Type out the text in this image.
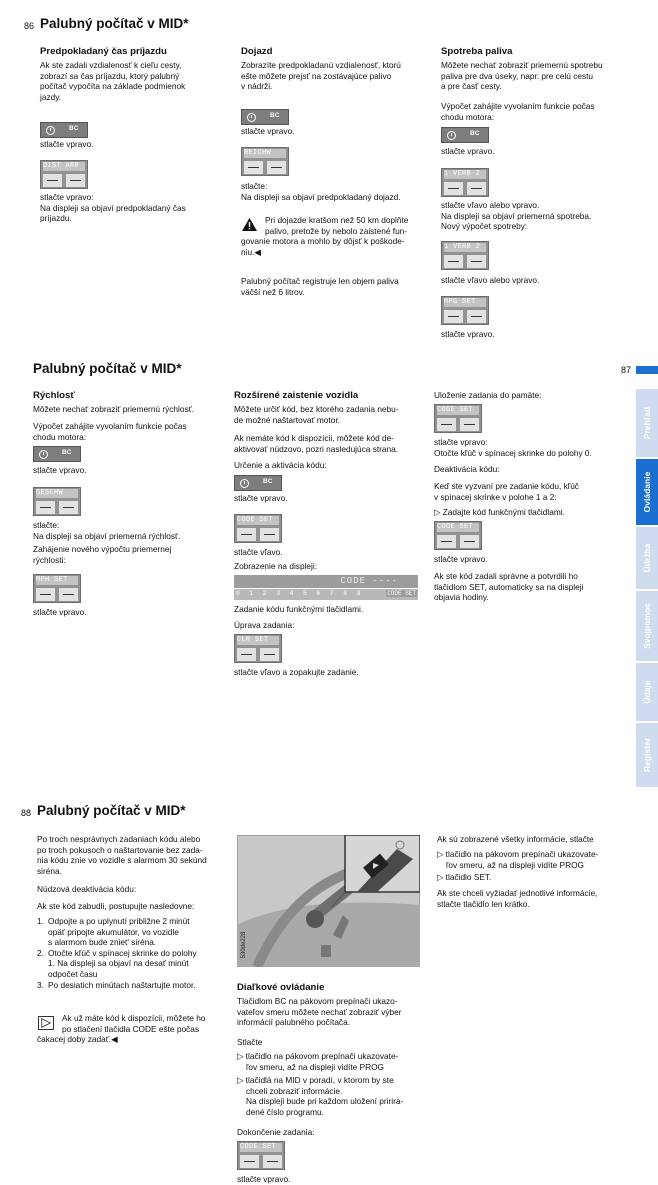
86 Palubný počítač v MID*
Predpokladaný čas príjazdu
Ak ste zadali vzdialenosť k cieľu cesty,
zobrazí sa čas príjazdu, ktorý palubný
počítač vypočíta na základe podmienok
jazdy.
BC
stlačte vpravo.
DIST ARR
stlačte vpravo:
Na displeji sa objaví predpokladaný čas
príjazdu.
Dojazd
Zobrazíte predpokladanú vzdialenosť, ktorú
ešte môžete prejsť na zostávajúce palivo
v nádrži.
BC
stlačte vpravo.
REICHW
stlačte:
Na displeji sa objaví predpokladaný dojazd.
Pri dojazde kratšom než 50 km doplňte
palivo, pretože by nebolo zaistené fun-
govanie motora a mohlo by dôjsť k poškode-
niu.◀
Palubný počítač registruje len objem paliva
väčší než 6 litrov.
Spotreba paliva
Môžete nechať zobraziť priemernú spotrebu
paliva pre dva úseky, napr. pre celú cestu
a pre časť cesty.
Výpočet zahájite vyvolaním funkcie počas
chodu motora:
BC
stlačte vpravo.
1 VERB 2
stlačte vľavo alebo vpravo.
Na displeji sa objaví priemerná spotreba.
Nový výpočet spotreby:
1 VERB 2
stlačte vľavo alebo vpravo.
MPG SET
stlačte vpravo.
Palubný počítač v MID*	87
Rýchlosť
Môžete nechať zobraziť priemernú rýchlosť.
Výpočet zahájite vyvolaním funkcie počas
chodu motora:
BC
stlačte vpravo.
GESCHW
stlačte:
Na displeji sa objaví priemerná rýchlosť.
Zahájenie nového výpočtu priemernej
rýchlosti:
MPH SET
stlačte vpravo.
Rozšírené zaistenie vozidla
Môžete určiť kód, bez ktorého zadania nebu-
de možné naštartovať motor.
Ak nemáte kód k dispozícii, môžete kód de-
aktivovať núdzovo, pozri nasledujúca strana.
Určenie a aktivácia kódu:
BC
stlačte vpravo.
CODE SET
stlačte vľavo.
Zobrazenie na displeji:
CODE ----
0123456789	CODE SET
Zadanie kódu funkčnými tlačidlami.
Úprava zadania:
CLR SET
stlačte vľavo a zopakujte zadanie.
Uloženie zadania do pamäte:
CODE SET
stlačte vpravo:
Otočte kľúč v spínacej skrinke do polohy 0.
Deaktivácia kódu:
Keď ste vyzvaní pre zadanie kódu, kľúč
v spínacej skrinke v polohe 1 a 2:
▷ Zadajte kód funkčnými tlačidlami.
CODE SET
stlačte vpravo.
Ak ste kód zadali správne a potvrdili ho
tlačidlom SET, automaticky sa na displeji
objavia hodiny.
Prehľad
Ovládanie
Údržba
Svojpomoc
Údaje
Register
88 Palubný počítač v MID*
Po troch nesprávnych zadaniach kódu alebo
po troch pokusoch o naštartovanie bez zada-
nia kódu znie vo vozidle s alarmom 30 sekúnd
siréna.
Núdzová deaktivácia kódu:
Ak ste kód zabudli, postupujte nasledovne:
1. Odpojte a po uplynutí približne 2 minút
opäť pripojte akumulátor, vo vozidle
s alarmom bude zniet' siréna.
2. Otočte kľúč v spínacej skrinke do polohy
1. Na displeji sa objaví na desať minút
odpočet času
3. Po desiatich minútach naštartujte motor.
Ak už máte kód k dispozícii, môžete ho
po stlačení tlačidla CODE ešte počas
čakacej doby zadať.◀
530de228
Diaľkové ovládanie
Tlačidlom BC na pákovom prepínači ukazo-
vateľov smeru môžete nechať zobraziť výber
informácií palubného počítača.
Stlačte
▷ tlačidlo na pákovom prepínači ukazovate-
ľov smeru, až na displeji vidíte PROG
▷ tlačidlá na MID v poradí, v ktorom by ste
chceli zobraziť informácie.
Na displeji bude pri každom uložení pririra-
dené číslo programu.
Dokončenie zadania:
CODE SET
stlačte vpravo.
Ak sú zobrazené všetky informácie, stlačte
▷ tlačidlo na pákovom prepínači ukazovate-
ľov smeru, až na displeji vidíte PROG
▷ tlačidlo SET.
Ak ste chceli vyžiadať jednotlivé informácie,
stlačte tlačidlo len krátko.
